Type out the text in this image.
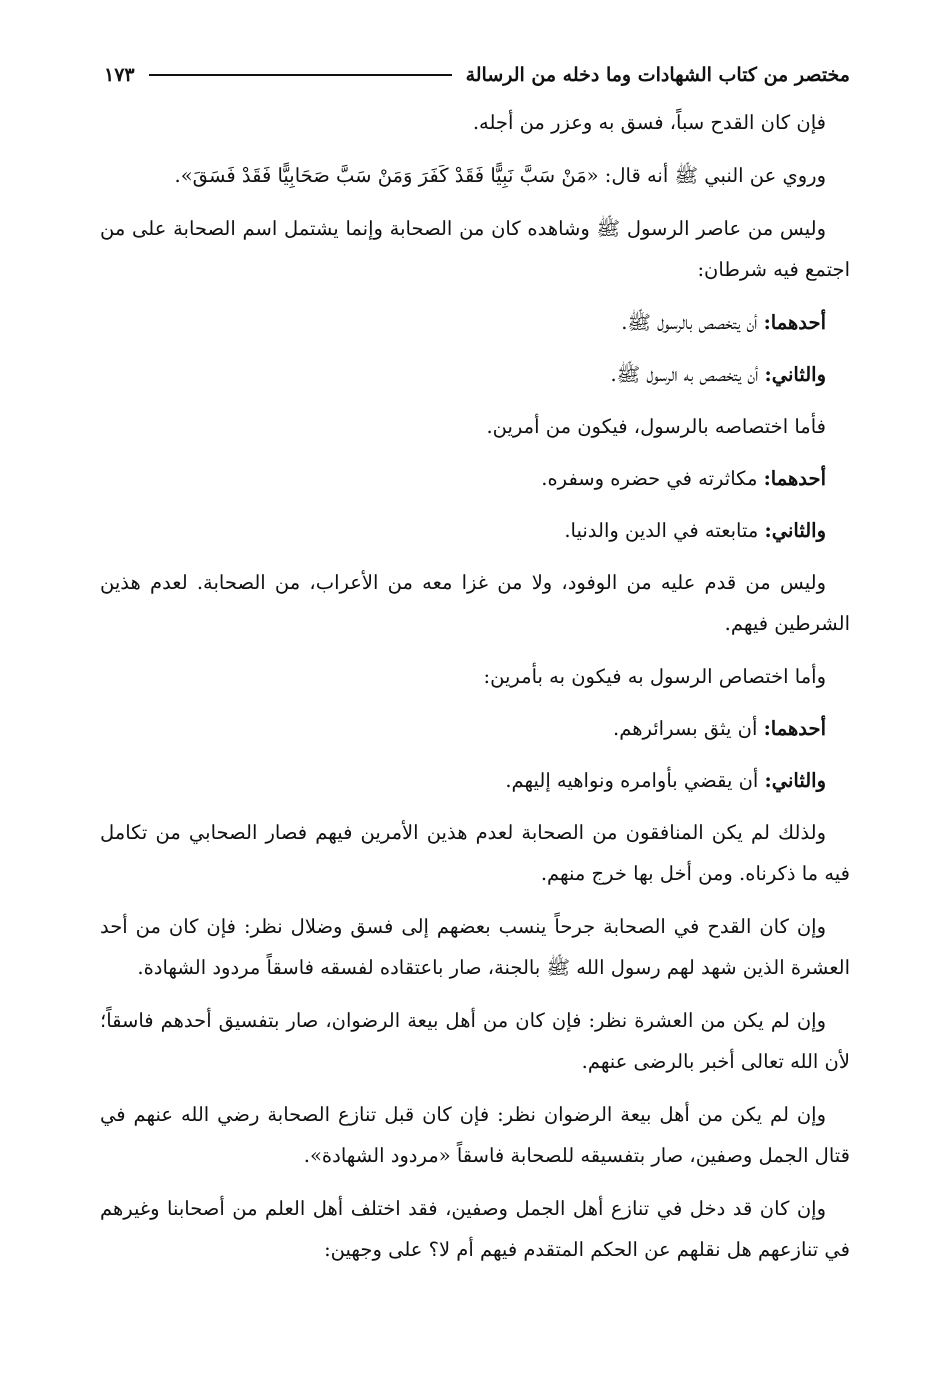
مختصر من كتاب الشهادات وما دخله من الرسالة
١٧٣

فإن كان القدح سباً، فسق به وعزر من أجله.

وروي عن النبي ﷺ أنه قال: «مَنْ سَبَّ نَبِيًّا فَقَدْ كَفَرَ وَمَنْ سَبَّ صَحَابِيًّا فَقَدْ فَسَقَ».

وليس من عاصر الرسول ﷺ وشاهده كان من الصحابة وإنما يشتمل اسم الصحابة على من اجتمع فيه شرطان:

أحدهما: أن يتخصص بالرسول ﷺ.

والثاني: أن يتخصص به الرسول ﷺ.

فأما اختصاصه بالرسول، فيكون من أمرين.

أحدهما: مكاثرته في حضره وسفره.

والثاني: متابعته في الدين والدنيا.

وليس من قدم عليه من الوفود، ولا من غزا معه من الأعراب، من الصحابة. لعدم هذين الشرطين فيهم.

وأما اختصاص الرسول به فيكون به بأمرين:

أحدهما: أن يثق بسرائرهم.

والثاني: أن يقضي بأوامره ونواهيه إليهم.

ولذلك لم يكن المنافقون من الصحابة لعدم هذين الأمرين فيهم فصار الصحابي من تكامل فيه ما ذكرناه. ومن أخل بها خرج منهم.

وإن كان القدح في الصحابة جرحاً ينسب بعضهم إلى فسق وضلال نظر: فإن كان من أحد العشرة الذين شهد لهم رسول الله ﷺ بالجنة، صار باعتقاده لفسقه فاسقاً مردود الشهادة.

وإن لم يكن من العشرة نظر: فإن كان من أهل بيعة الرضوان، صار بتفسيق أحدهم فاسقاً؛ لأن الله تعالى أخبر بالرضى عنهم.

وإن لم يكن من أهل بيعة الرضوان نظر: فإن كان قبل تنازع الصحابة رضي الله عنهم في قتال الجمل وصفين، صار بتفسيقه للصحابة فاسقاً «مردود الشهادة».

وإن كان قد دخل في تنازع أهل الجمل وصفين، فقد اختلف أهل العلم من أصحابنا وغيرهم في تنازعهم هل نقلهم عن الحكم المتقدم فيهم أم لا؟ على وجهين:
